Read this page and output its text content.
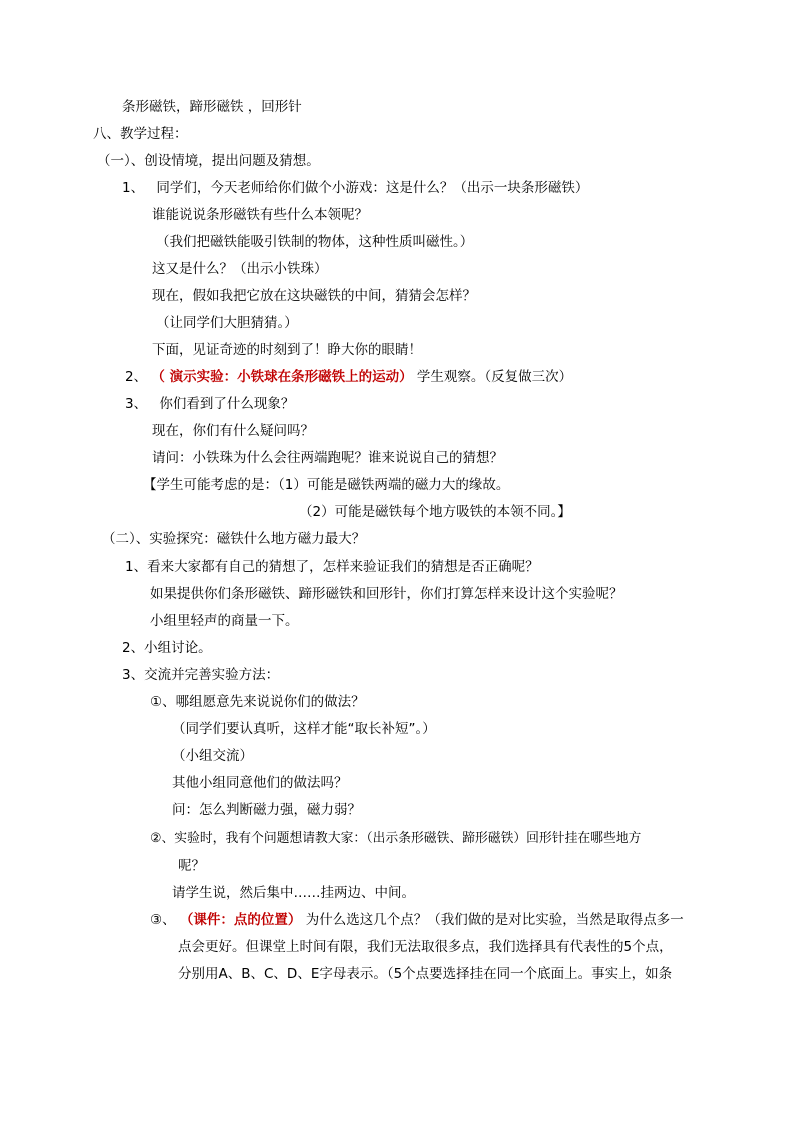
条形磁铁，蹄形磁铁 ，回形针
八、教学过程：
（一）、创设情境，提出问题及猜想。
1、 同学们，今天老师给你们做个小游戏：这是什么？（出示一块条形磁铁）
谁能说说条形磁铁有些什么本领呢？
（我们把磁铁能吸引铁制的物体，这种性质叫磁性。）
这又是什么？（出示小铁珠）
现在，假如我把它放在这块磁铁的中间，猜猜会怎样？
（让同学们大胆猜猜。）
下面，见证奇迹的时刻到了！睁大你的眼睛！
2、 （ 演示实验：小铁球在条形磁铁上的运动） 学生观察。（反复做三次）
3、 你们看到了什么现象？
现在，你们有什么疑问吗？
请问：小铁珠为什么会往两端跑呢？谁来说说自己的猜想？
【学生可能考虑的是：（1）可能是磁铁两端的磁力大的缘故。
（2）可能是磁铁每个地方吸铁的本领不同。】
（二）、实验探究：磁铁什么地方磁力最大？
1、看来大家都有自己的猜想了，怎样来验证我们的猜想是否正确呢？
如果提供你们条形磁铁、蹄形磁铁和回形针，你们打算怎样来设计这个实验呢？
小组里轻声的商量一下。
2、小组讨论。
3、交流并完善实验方法：
①、哪组愿意先来说说你们的做法？
（同学们要认真听，这样才能“取长补短”。）
（小组交流）
其他小组同意他们的做法吗？
问：怎么判断磁力强，磁力弱？
②、实验时，我有个问题想请教大家：（出示条形磁铁、蹄形磁铁）回形针挂在哪些地方
呢？
请学生说，然后集中……挂两边、中间。
③、 （课件：点的位置） 为什么选这几个点？（我们做的是对比实验，当然是取得点多一
点会更好。但课堂上时间有限，我们无法取很多点，我们选择具有代表性的5个点，
分别用A、B、C、D、E字母表示。（5个点要选择挂在同一个底面上。事实上，如条
